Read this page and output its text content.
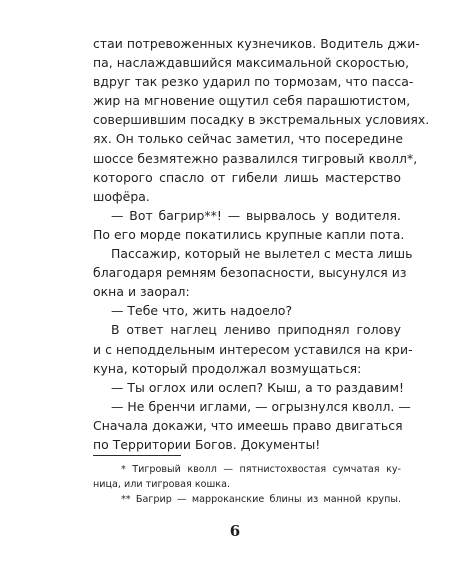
стаи потревоженных кузнечиков. Водитель джи-
па, наслаждавшийся максимальной скоростью,
вдруг так резко ударил по тормозам, что пасса-
жир на мгновение ощутил себя парашютистом,
совершившим посадку в экстремальных условиях.
ях. Он только сейчас заметил, что посередине
шоссе безмятежно развалился тигровый кволл*,
которого спасло от гибели лишь мастерство
шофёра.
— Вот багрир**! — вырвалось у водителя.
По его морде покатились крупные капли пота.
Пассажир, который не вылетел с места лишь
благодаря ремням безопасности, высунулся из
окна и заорал:
— Тебе что, жить надоело?
В ответ наглец лениво приподнял голову
и с неподдельным интересом уставился на кри-
куна, который продолжал возмущаться:
— Ты оглох или ослеп? Кыш, а то раздавим!
— Не бренчи иглами, — огрызнулся кволл. —
Сначала докажи, что имеешь право двигаться
по Территории Богов. Документы!
* Тигровый кволл — пятнистохвостая сумчатая ку-
ница, или тигровая кошка.
** Багрир — марроканские блины из манной крупы.
6
